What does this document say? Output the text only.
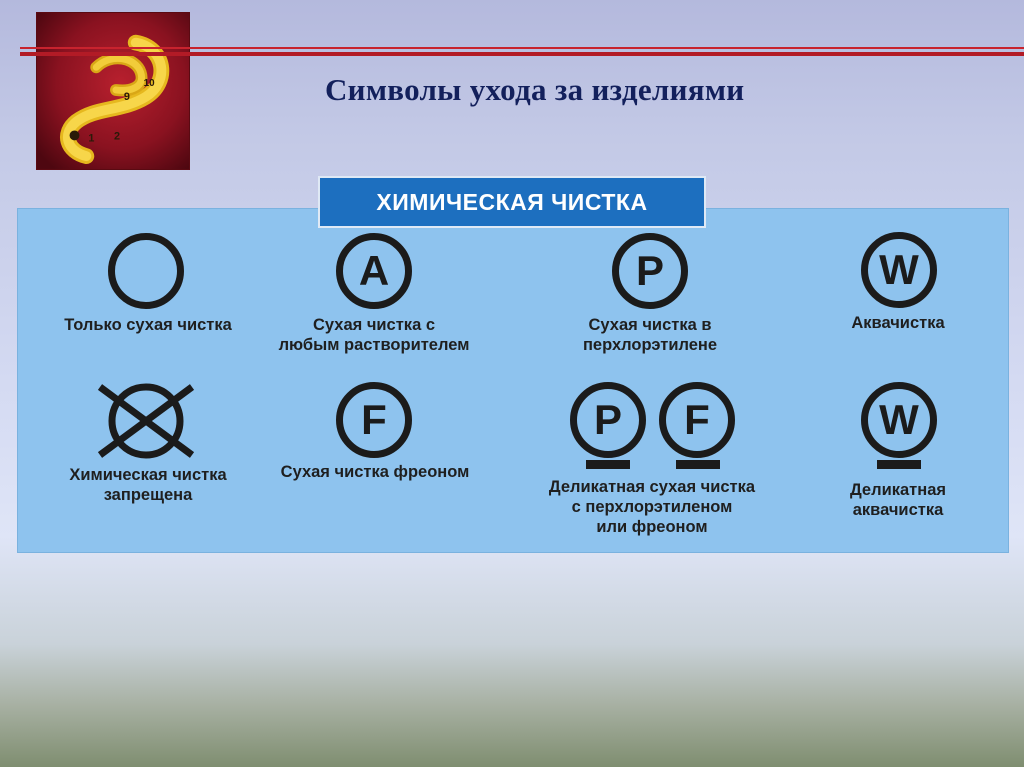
9
10
2
1
Символы ухода за изделиями
ХИМИЧЕСКАЯ ЧИСТКА
Только сухая чистка
A
Сухая чистка с
любым растворителем
P
Сухая чистка в
перхлорэтилене
W
Аквачистка
Химическая чистка
запрещена
F
Сухая чистка фреоном
P F
Деликатная сухая чистка
с перхлорэтиленом
или фреоном
W
Деликатная
аквачистка
